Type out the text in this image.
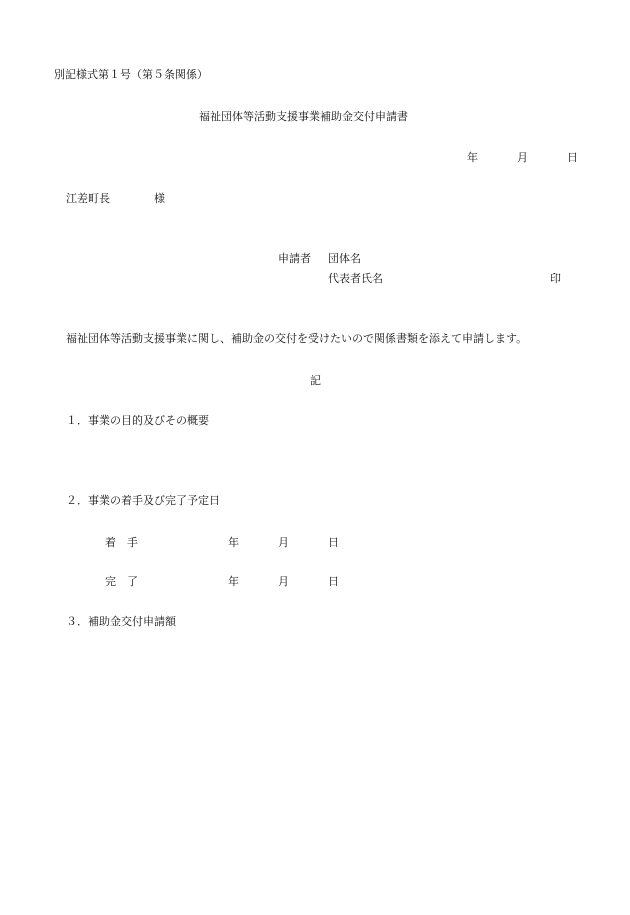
別記様式第１号（第５条関係）
福祉団体等活動支援事業補助金交付申請書
年	月	日
江差町長	様
申請者 団体名
代表者氏名	印
福祉団体等活動支援事業に関し、補助金の交付を受けたいので関係書類を添えて申請します。
記
１．事業の目的及びその概要
２．事業の着手及び完了予定日
着　手	年	月	日
完　了	年	月	日
３．補助金交付申請額
